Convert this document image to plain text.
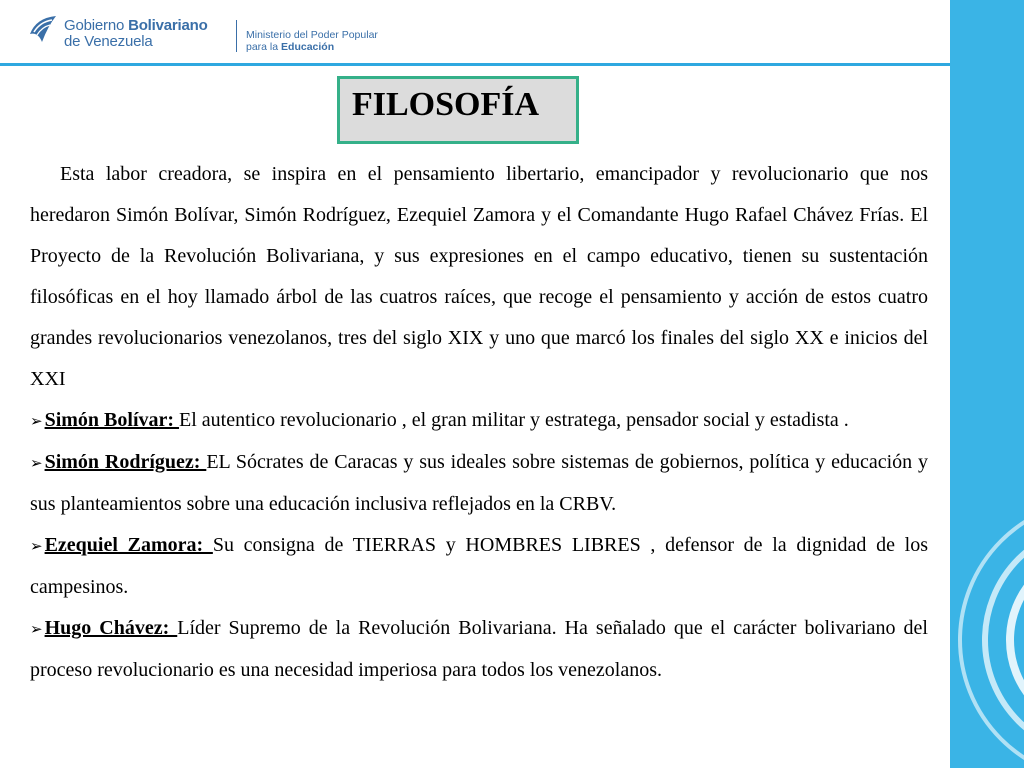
Gobierno Bolivariano
de Venezuela	Ministerio del Poder Popular
para la Educación
FILOSOFÍA

Esta labor creadora, se inspira en el pensamiento libertario, emancipador y revolucionario que nos heredaron Simón Bolívar, Simón Rodríguez, Ezequiel Zamora y el Comandante Hugo Rafael Chávez Frías. El Proyecto de la Revolución Bolivariana, y sus expresiones en el campo educativo, tienen su sustentación filosóficas en el hoy llamado árbol de las cuatros raíces, que recoge el pensamiento y acción de estos cuatro grandes revolucionarios venezolanos, tres del siglo XIX y uno que marcó los finales del siglo XX e inicios del XXI

➢ Simón Bolívar: El autentico revolucionario , el gran militar y estratega, pensador social y estadista .

➢ Simón Rodríguez: EL Sócrates de Caracas y sus ideales sobre sistemas de gobiernos, política y educación y sus planteamientos sobre una educación inclusiva reflejados en la CRBV.

➢ Ezequiel Zamora: Su consigna de TIERRAS y HOMBRES LIBRES , defensor de la dignidad de los campesinos.

➢ Hugo Chávez: Líder Supremo de la Revolución Bolivariana. Ha señalado que el carácter bolivariano del proceso revolucionario es una necesidad imperiosa para todos los venezolanos.
